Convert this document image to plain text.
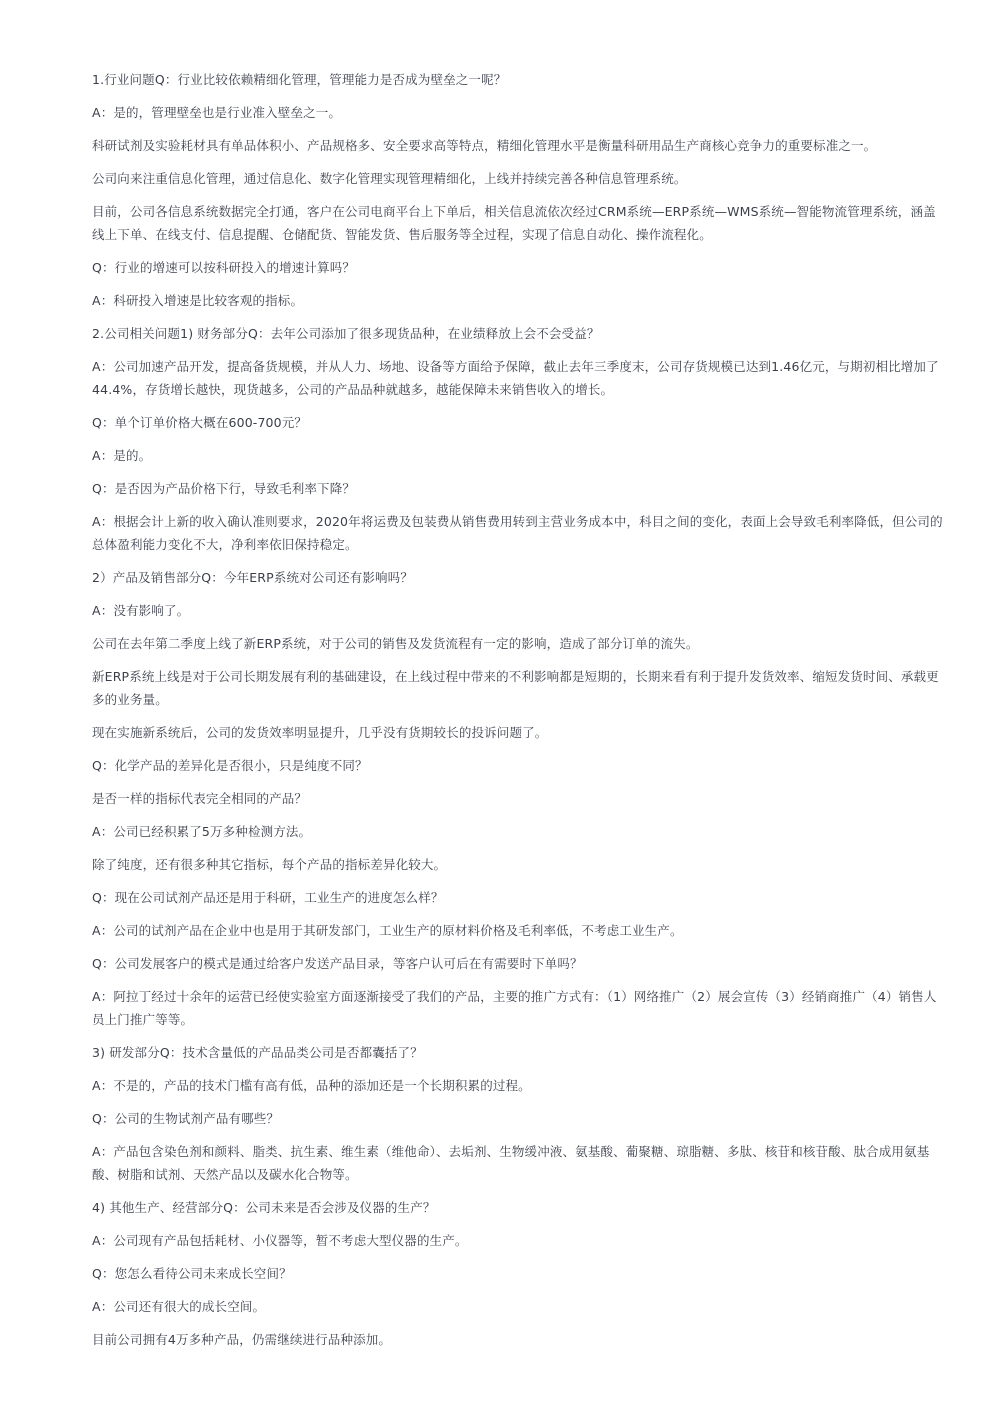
1.行业问题Q：行业比较依赖精细化管理，管理能力是否成为壁垒之一呢？

A：是的，管理壁垒也是行业准入壁垒之一。

科研试剂及实验耗材具有单品体积小、产品规格多、安全要求高等特点，精细化管理水平是衡量科研用品生产商核心竞争力的重要标准之一。

公司向来注重信息化管理，通过信息化、数字化管理实现管理精细化，上线并持续完善各种信息管理系统。

目前，公司各信息系统数据完全打通，客户在公司电商平台上下单后，相关信息流依次经过CRM系统—ERP系统—WMS系统—智能物流管理系统，涵盖线上下单、在线支付、信息提醒、仓储配货、智能发货、售后服务等全过程，实现了信息自动化、操作流程化。

Q：行业的增速可以按科研投入的增速计算吗？

A：科研投入增速是比较客观的指标。

2.公司相关问题1) 财务部分Q：去年公司添加了很多现货品种，在业绩释放上会不会受益？

A：公司加速产品开发，提高备货规模，并从人力、场地、设备等方面给予保障，截止去年三季度末，公司存货规模已达到1.46亿元，与期初相比增加了44.4%，存货增长越快，现货越多，公司的产品品种就越多，越能保障未来销售收入的增长。

Q：单个订单价格大概在600-700元？

A：是的。

Q：是否因为产品价格下行，导致毛利率下降？

A：根据会计上新的收入确认准则要求，2020年将运费及包装费从销售费用转到主营业务成本中，科目之间的变化，表面上会导致毛利率降低，但公司的总体盈利能力变化不大，净利率依旧保持稳定。

2）产品及销售部分Q：今年ERP系统对公司还有影响吗？

A：没有影响了。

公司在去年第二季度上线了新ERP系统，对于公司的销售及发货流程有一定的影响，造成了部分订单的流失。

新ERP系统上线是对于公司长期发展有利的基础建设，在上线过程中带来的不利影响都是短期的，长期来看有利于提升发货效率、缩短发货时间、承载更多的业务量。

现在实施新系统后，公司的发货效率明显提升，几乎没有货期较长的投诉问题了。

Q：化学产品的差异化是否很小，只是纯度不同？

是否一样的指标代表完全相同的产品？

A：公司已经积累了5万多种检测方法。

除了纯度，还有很多种其它指标，每个产品的指标差异化较大。

Q：现在公司试剂产品还是用于科研，工业生产的进度怎么样？

A：公司的试剂产品在企业中也是用于其研发部门，工业生产的原材料价格及毛利率低，不考虑工业生产。

Q：公司发展客户的模式是通过给客户发送产品目录，等客户认可后在有需要时下单吗？

A：阿拉丁经过十余年的运营已经使实验室方面逐渐接受了我们的产品，主要的推广方式有：（1）网络推广（2）展会宣传（3）经销商推广（4）销售人员上门推广等等。

3) 研发部分Q：技术含量低的产品品类公司是否都囊括了？

A：不是的，产品的技术门槛有高有低，品种的添加还是一个长期积累的过程。

Q：公司的生物试剂产品有哪些？

A：产品包含染色剂和颜料、脂类、抗生素、维生素（维他命）、去垢剂、生物缓冲液、氨基酸、葡聚糖、琼脂糖、多肽、核苷和核苷酸、肽合成用氨基酸、树脂和试剂、天然产品以及碳水化合物等。

4) 其他生产、经营部分Q：公司未来是否会涉及仪器的生产？

A：公司现有产品包括耗材、小仪器等，暂不考虑大型仪器的生产。

Q：您怎么看待公司未来成长空间？

A：公司还有很大的成长空间。

目前公司拥有4万多种产品，仍需继续进行品种添加。
